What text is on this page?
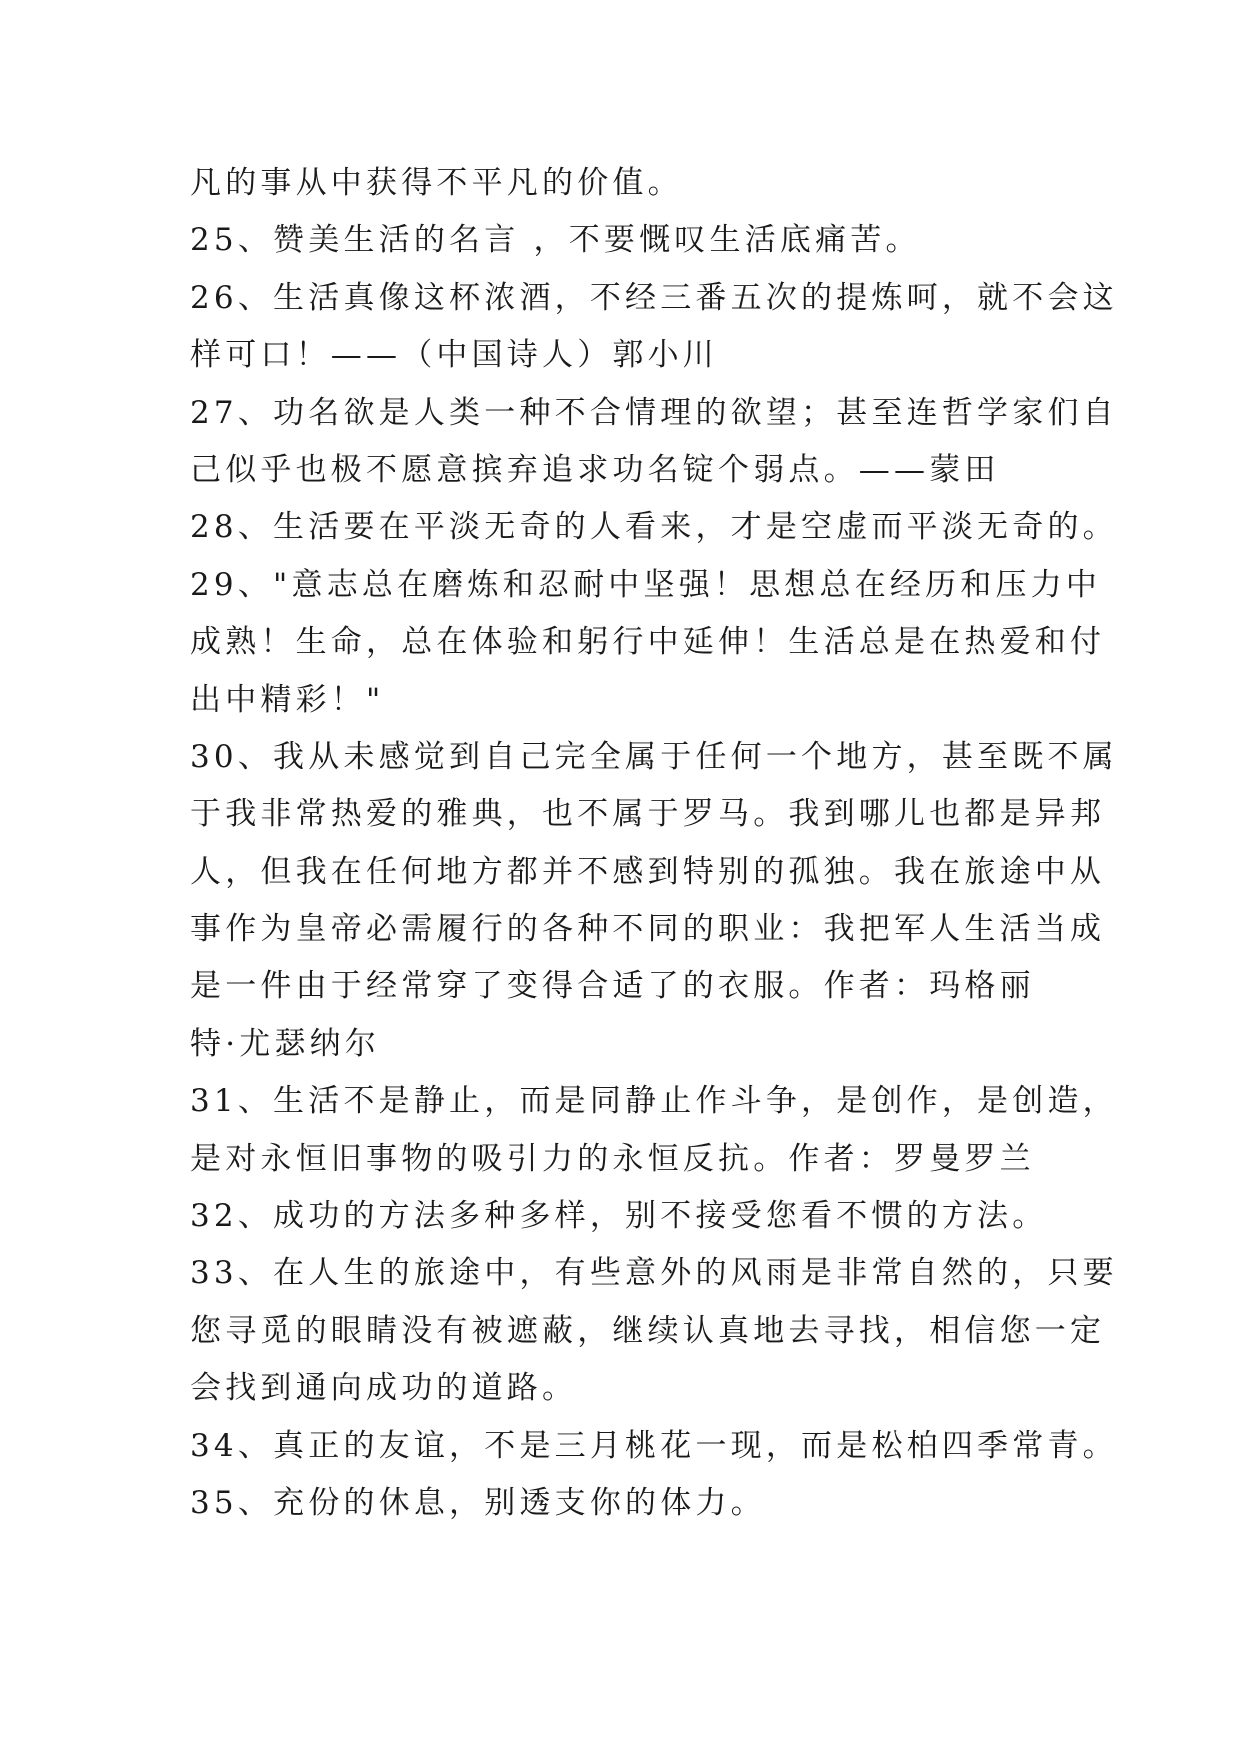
凡的事从中获得不平凡的价值。
25、赞美生活的名言 ，不要慨叹生活底痛苦。
26、生活真像这杯浓酒，不经三番五次的提炼呵，就不会这
样可口！——（中国诗人）郭小川
27、功名欲是人类一种不合情理的欲望；甚至连哲学家们自
己似乎也极不愿意摈弃追求功名锭个弱点。——蒙田
28、生活要在平淡无奇的人看来，才是空虚而平淡无奇的。
29、"意志总在磨炼和忍耐中坚强！思想总在经历和压力中
成熟！生命，总在体验和躬行中延伸！生活总是在热爱和付
出中精彩！"
30、我从未感觉到自己完全属于任何一个地方，甚至既不属
于我非常热爱的雅典，也不属于罗马。我到哪儿也都是异邦
人，但我在任何地方都并不感到特别的孤独。我在旅途中从
事作为皇帝必需履行的各种不同的职业：我把军人生活当成
是一件由于经常穿了变得合适了的衣服。作者：玛格丽
特·尤瑟纳尔
31、生活不是静止，而是同静止作斗争，是创作，是创造，
是对永恒旧事物的吸引力的永恒反抗。作者：罗曼罗兰
32、成功的方法多种多样，别不接受您看不惯的方法。
33、在人生的旅途中，有些意外的风雨是非常自然的，只要
您寻觅的眼睛没有被遮蔽，继续认真地去寻找，相信您一定
会找到通向成功的道路。
34、真正的友谊，不是三月桃花一现，而是松柏四季常青。
35、充份的休息，别透支你的体力。
